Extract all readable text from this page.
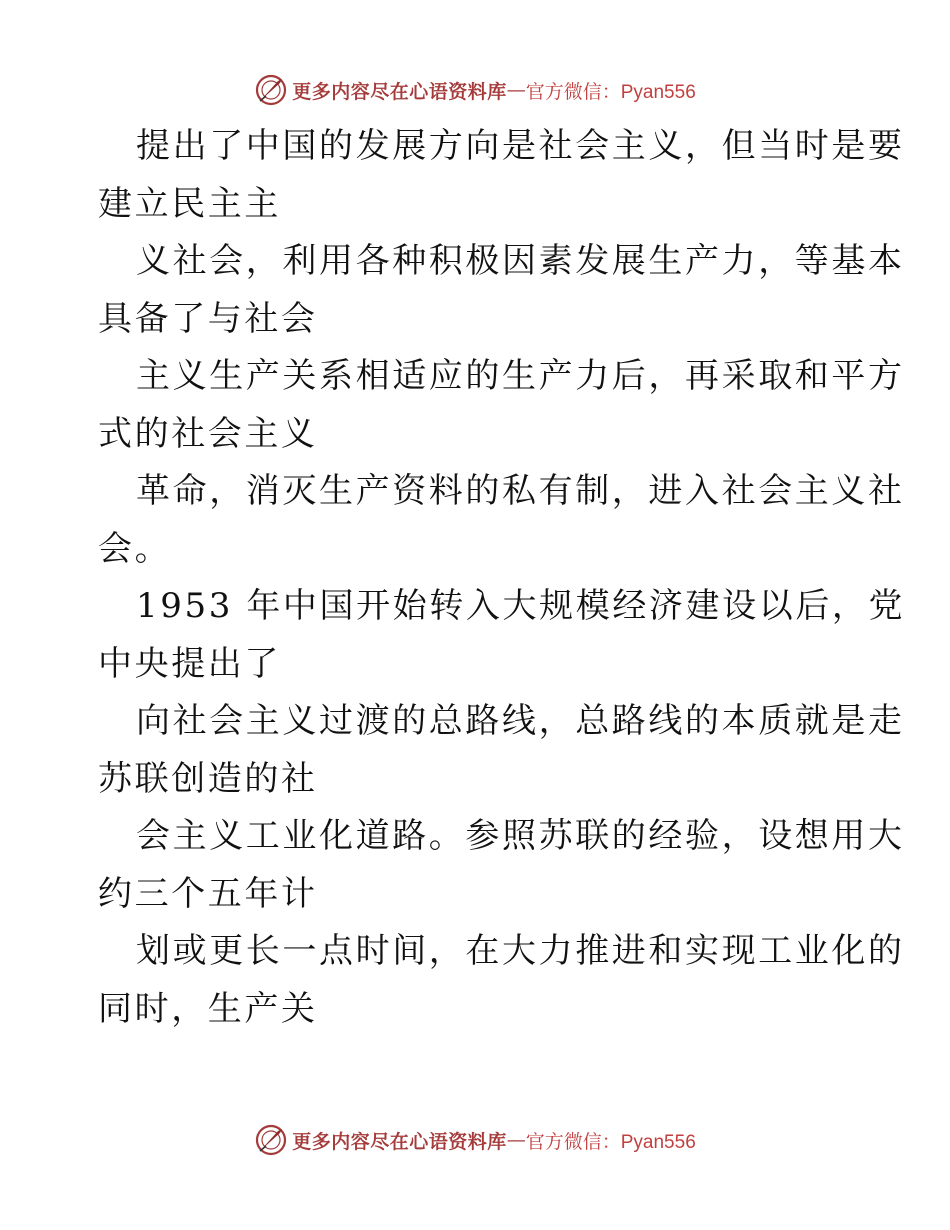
更多内容尽在心语资料库 — 官方微信：Pyan556
提出了中国的发展方向是社会主义，但当时是要
建立民主主
义社会，利用各种积极因素发展生产力，等基本
具备了与社会
主义生产关系相适应的生产力后，再采取和平方
式的社会主义
革命，消灭生产资料的私有制，进入社会主义社
会。
1953 年中国开始转入大规模经济建设以后，党
中央提出了
向社会主义过渡的总路线，总路线的本质就是走
苏联创造的社
会主义工业化道路。参照苏联的经验，设想用大
约三个五年计
划或更长一点时间，在大力推进和实现工业化的
同时，生产关
更多内容尽在心语资料库 — 官方微信：Pyan556
